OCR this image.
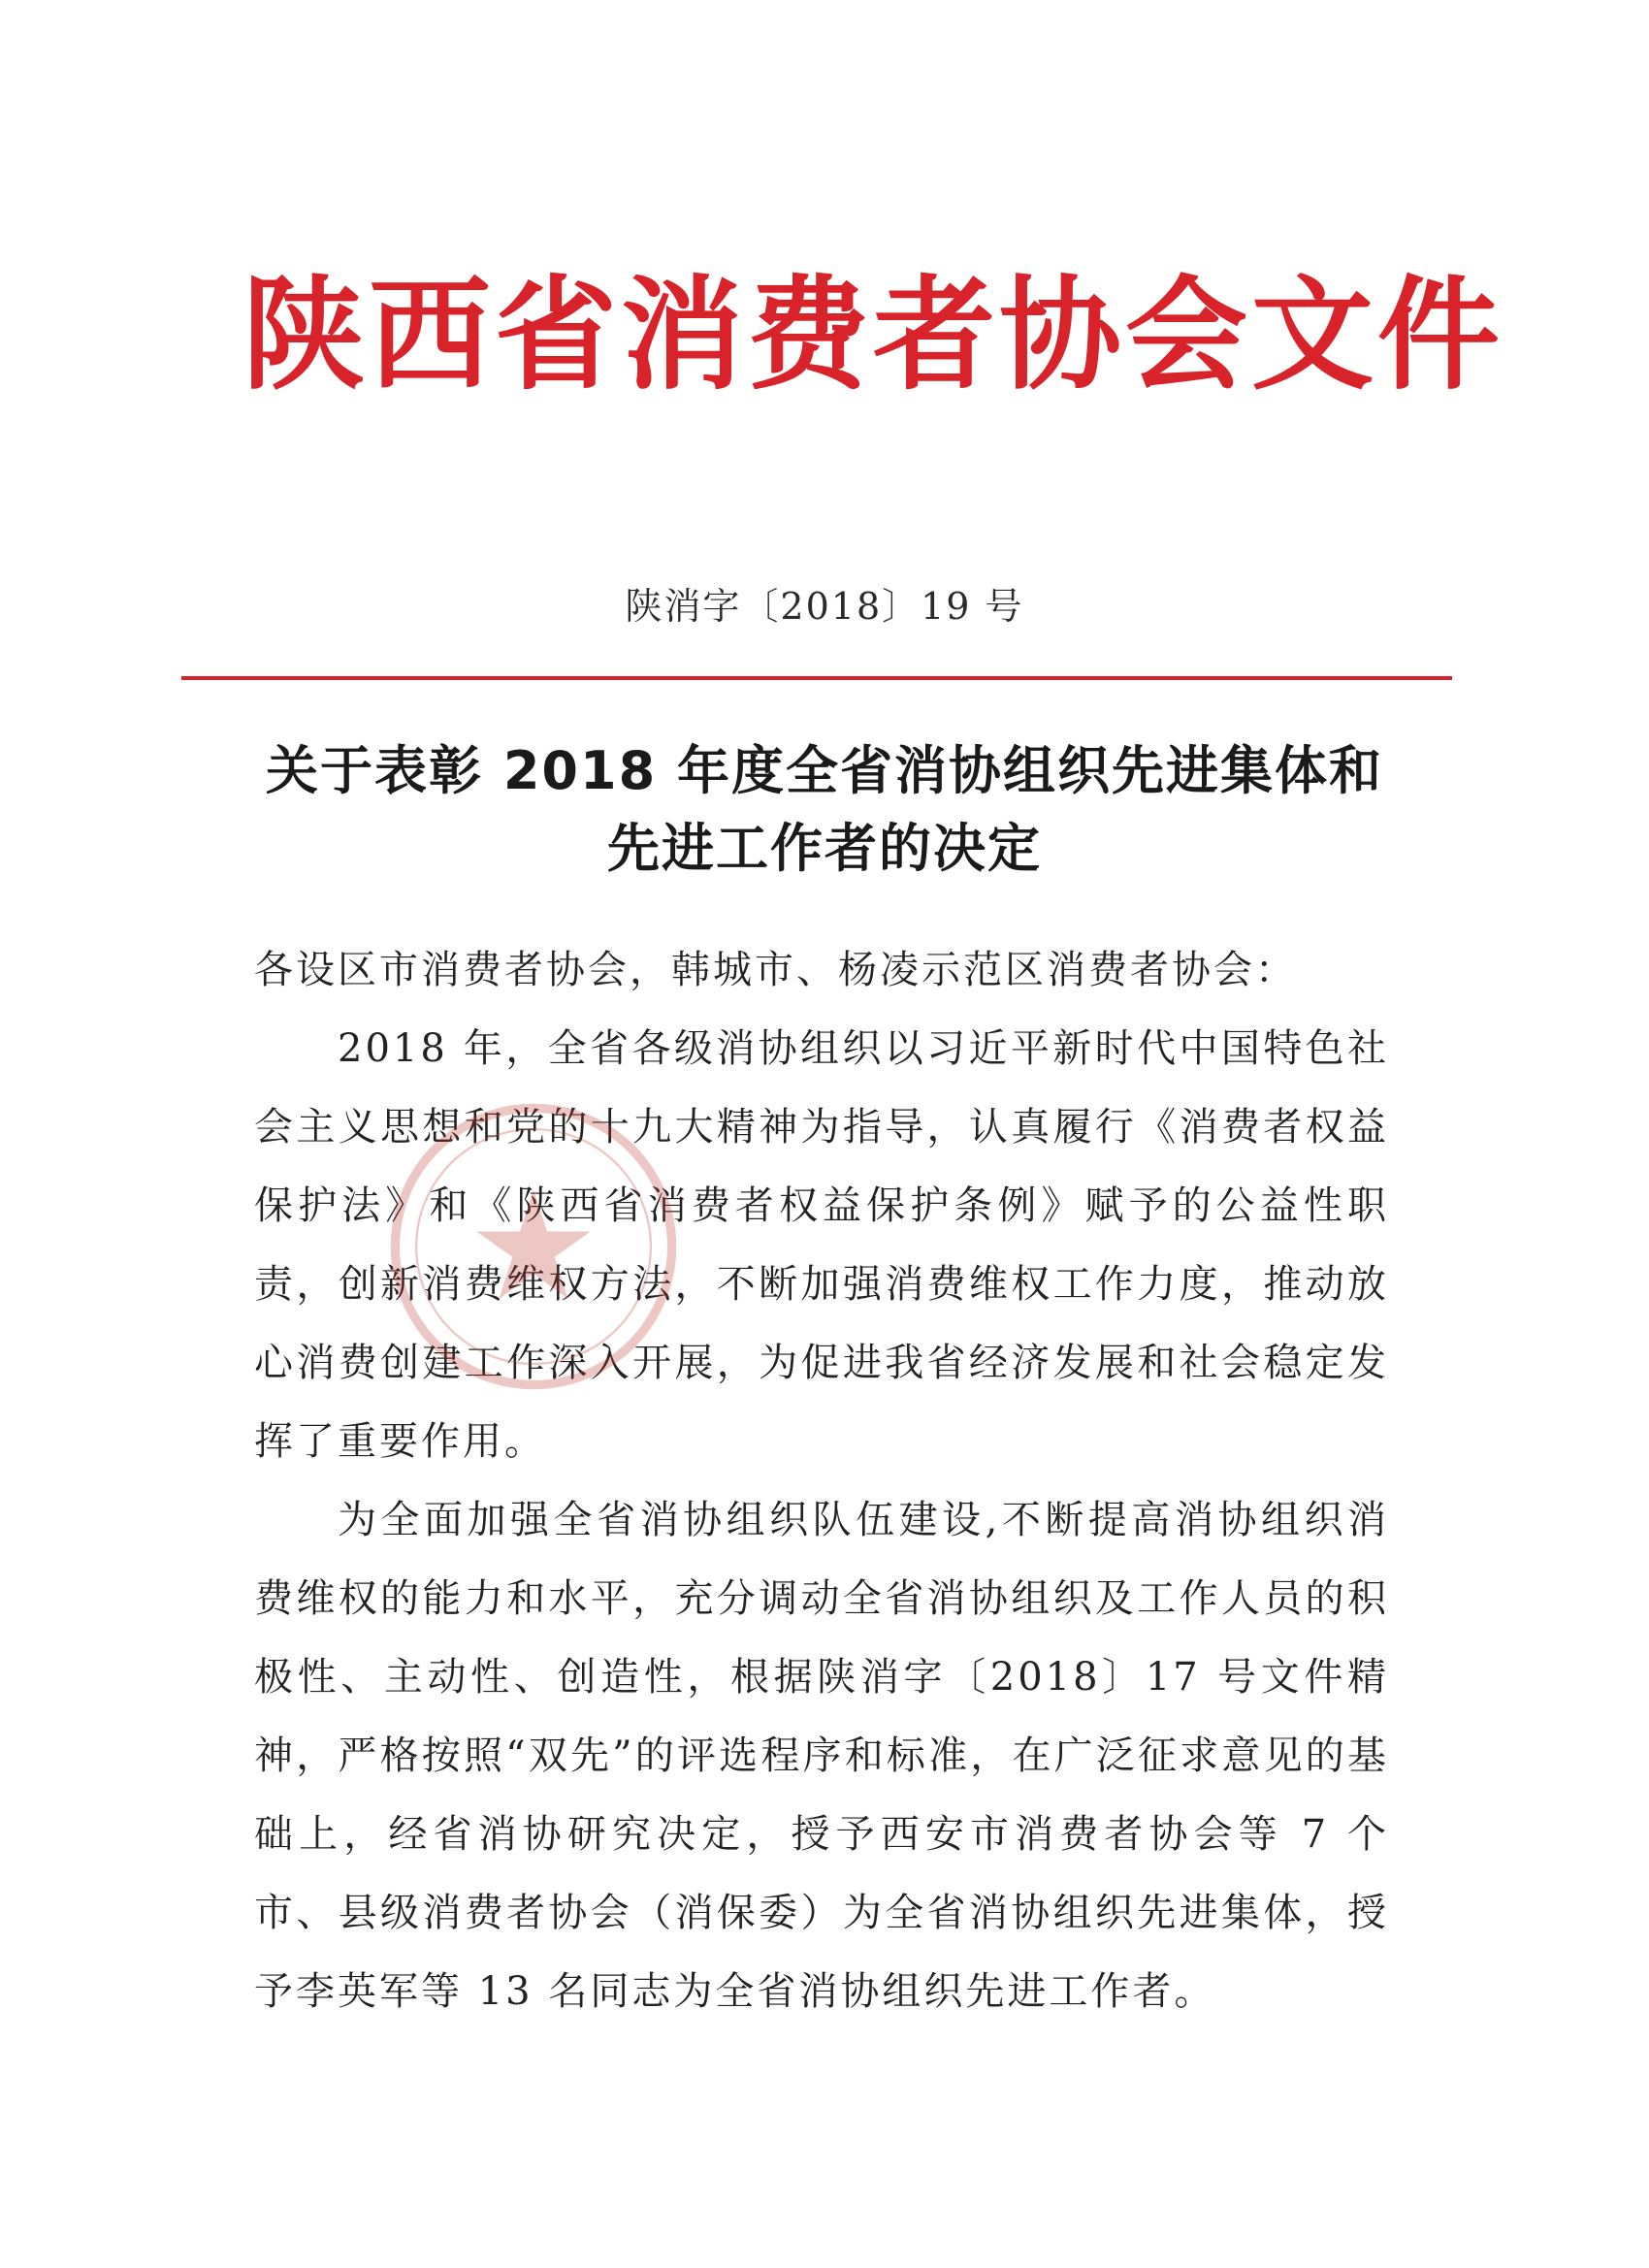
陕西省消费者协会文件
陕消字〔2018〕19 号
关于表彰 2018 年度全省消协组织先进集体和
先进工作者的决定

各设区市消费者协会，韩城市、杨凌示范区消费者协会：

2018 年，全省各级消协组织以习近平新时代中国特色社会主义思想和党的十九大精神为指导，认真履行《消费者权益保护法》和《陕西省消费者权益保护条例》赋予的公益性职责，创新消费维权方法，不断加强消费维权工作力度，推动放心消费创建工作深入开展，为促进我省经济发展和社会稳定发挥了重要作用。

为全面加强全省消协组织队伍建设,不断提高消协组织消费维权的能力和水平，充分调动全省消协组织及工作人员的积极性、主动性、创造性，根据陕消字〔2018〕17 号文件精神，严格按照“双先”的评选程序和标准，在广泛征求意见的基础上，经省消协研究决定，授予西安市消费者协会等 7 个市、县级消费者协会（消保委）为全省消协组织先进集体，授予李英军等 13 名同志为全省消协组织先进工作者。
